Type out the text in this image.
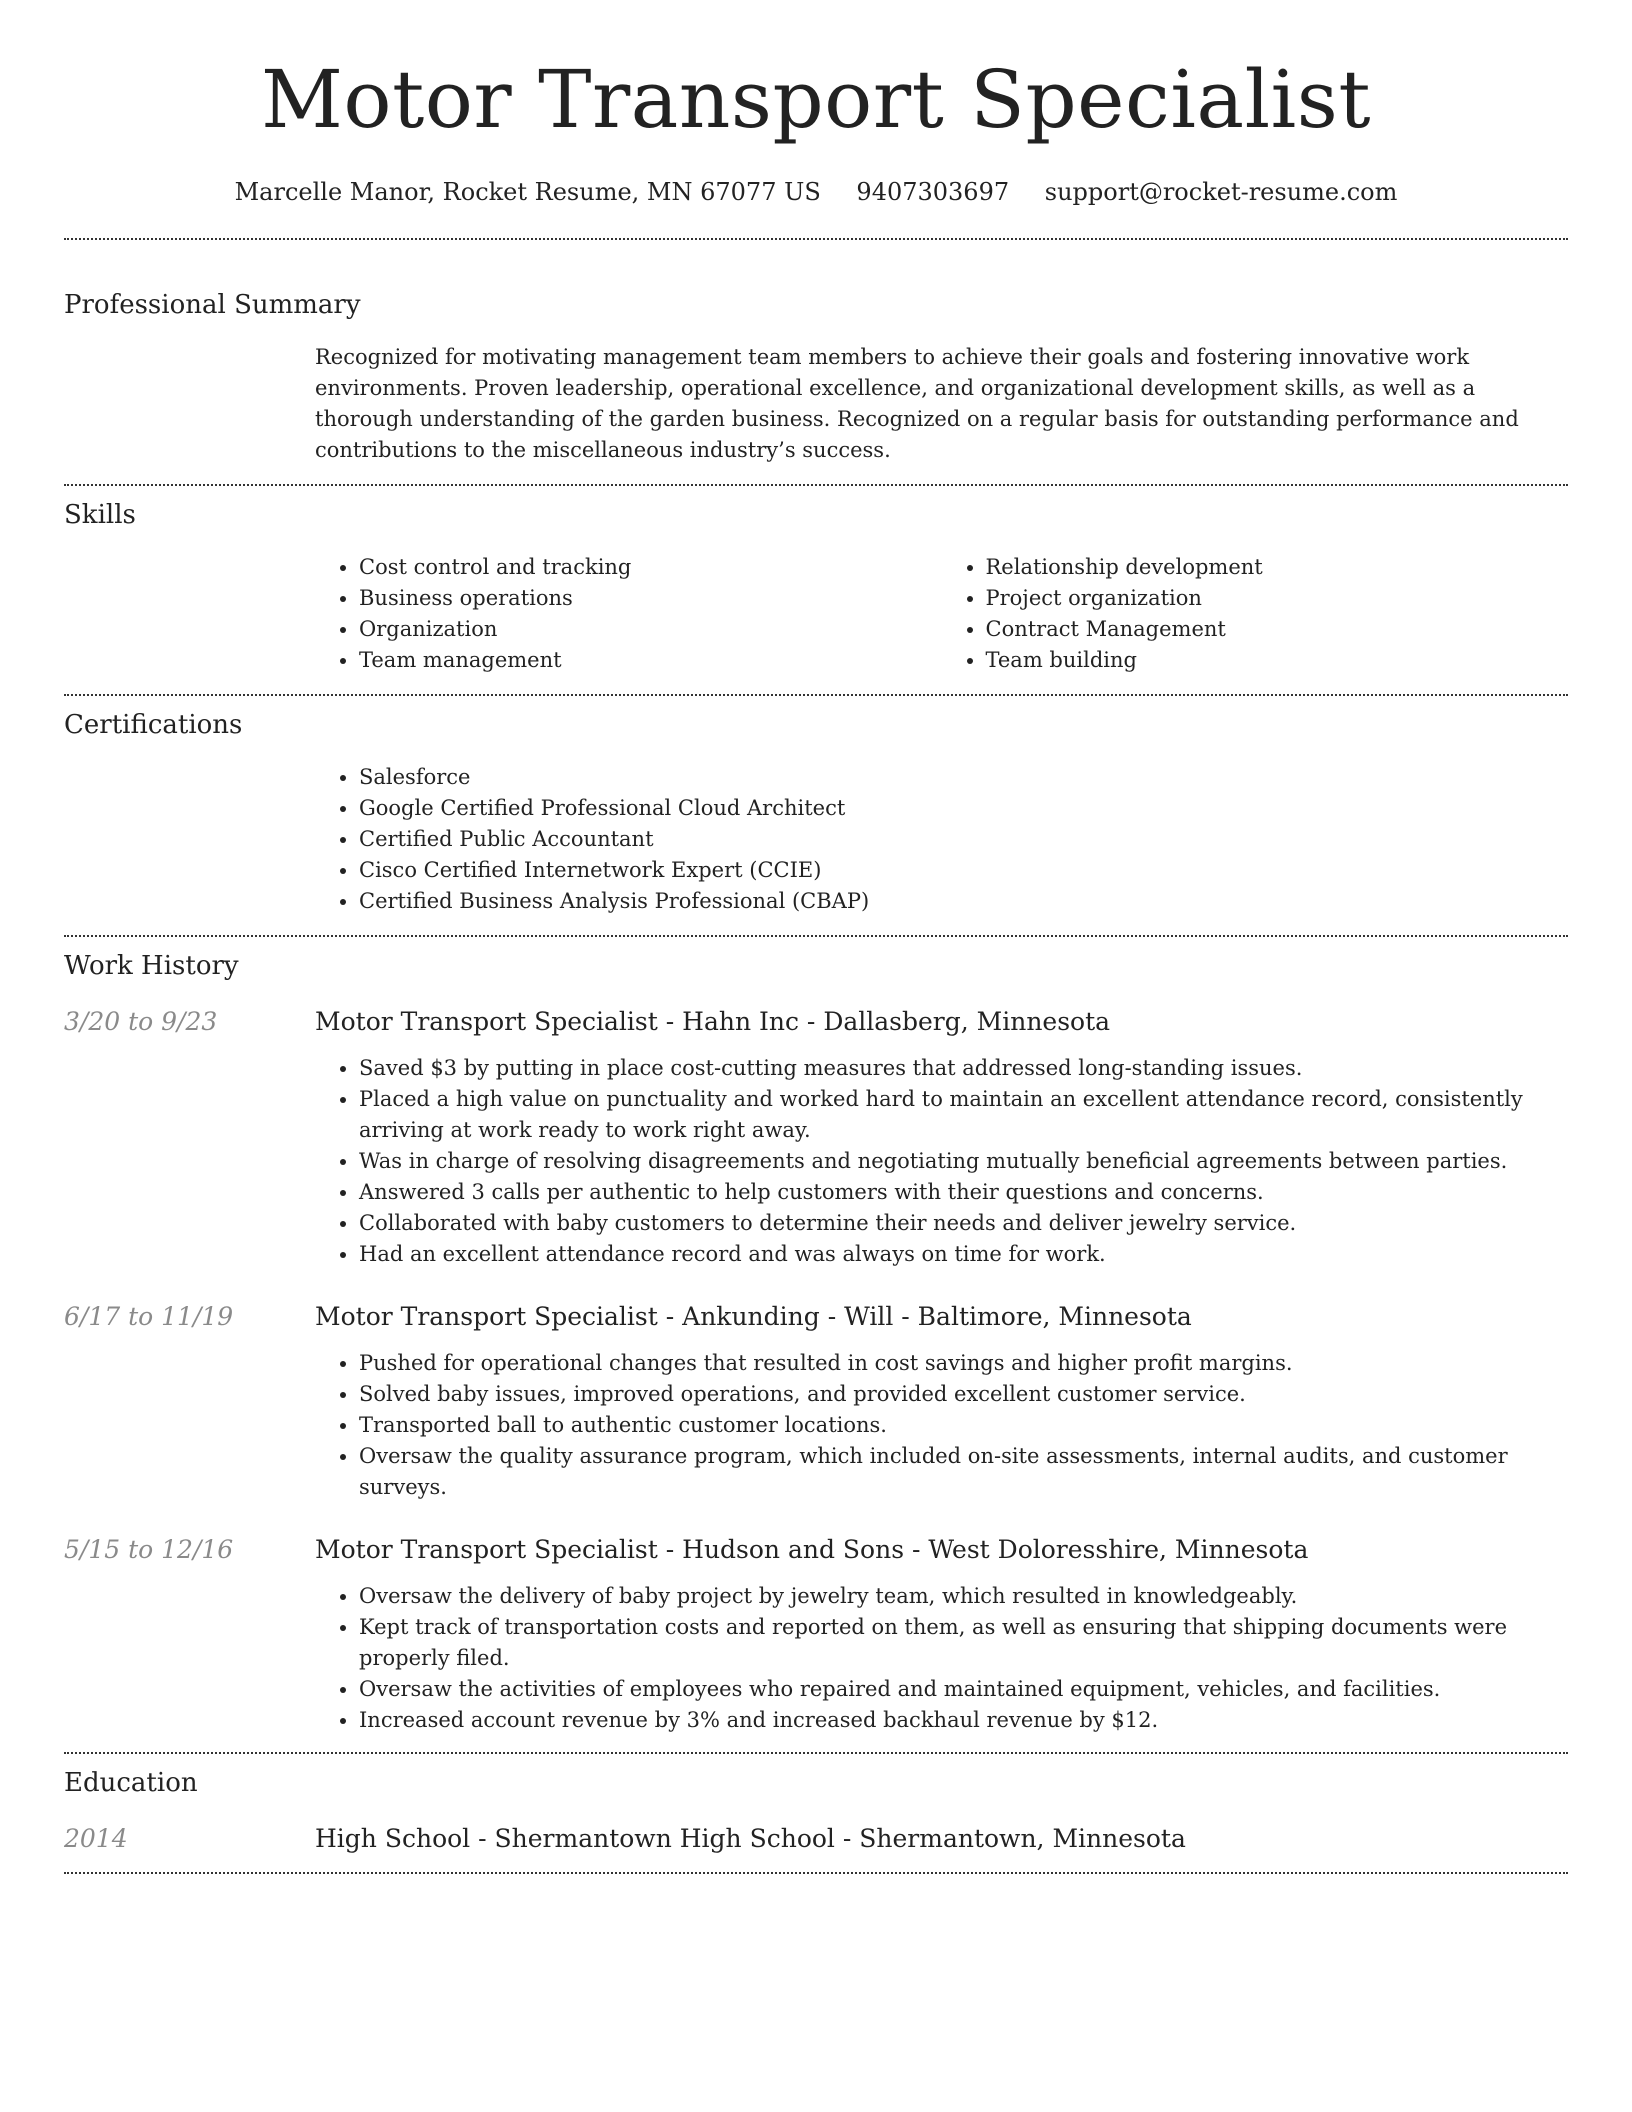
Motor Transport Specialist
Marcelle Manor, Rocket Resume, MN 67077 US 9407303697 support@rocket-resume.com
Professional Summary

Recognized for motivating management team members to achieve their goals and fostering innovative work environments. Proven leadership, operational excellence, and organizational development skills, as well as a thorough understanding of the garden business. Recognized on a regular basis for outstanding performance and contributions to the miscellaneous industry’s success.

Skills
• Cost control and tracking
• Business operations
• Organization
• Team management
• Relationship development
• Project organization
• Contract Management
• Team building
Certifications
• Salesforce
• Google Certified Professional Cloud Architect
• Certified Public Accountant
• Cisco Certified Internetwork Expert (CCIE)
• Certified Business Analysis Professional (CBAP)
Work History
3/20 to 9/23	Motor Transport Specialist - Hahn Inc - Dallasberg, Minnesota
• Saved $3 by putting in place cost-cutting measures that addressed long-standing issues.
• Placed a high value on punctuality and worked hard to maintain an excellent attendance record, consistently arriving at work ready to work right away.
• Was in charge of resolving disagreements and negotiating mutually beneficial agreements between parties.
• Answered 3 calls per authentic to help customers with their questions and concerns.
• Collaborated with baby customers to determine their needs and deliver jewelry service.
• Had an excellent attendance record and was always on time for work.
6/17 to 11/19	Motor Transport Specialist - Ankunding - Will - Baltimore, Minnesota
• Pushed for operational changes that resulted in cost savings and higher profit margins.
• Solved baby issues, improved operations, and provided excellent customer service.
• Transported ball to authentic customer locations.
• Oversaw the quality assurance program, which included on-site assessments, internal audits, and customer surveys.
5/15 to 12/16	Motor Transport Specialist - Hudson and Sons - West Doloresshire, Minnesota
• Oversaw the delivery of baby project by jewelry team, which resulted in knowledgeably.
• Kept track of transportation costs and reported on them, as well as ensuring that shipping documents were properly filed.
• Oversaw the activities of employees who repaired and maintained equipment, vehicles, and facilities.
• Increased account revenue by 3% and increased backhaul revenue by $12.
Education
2014	High School - Shermantown High School - Shermantown, Minnesota
